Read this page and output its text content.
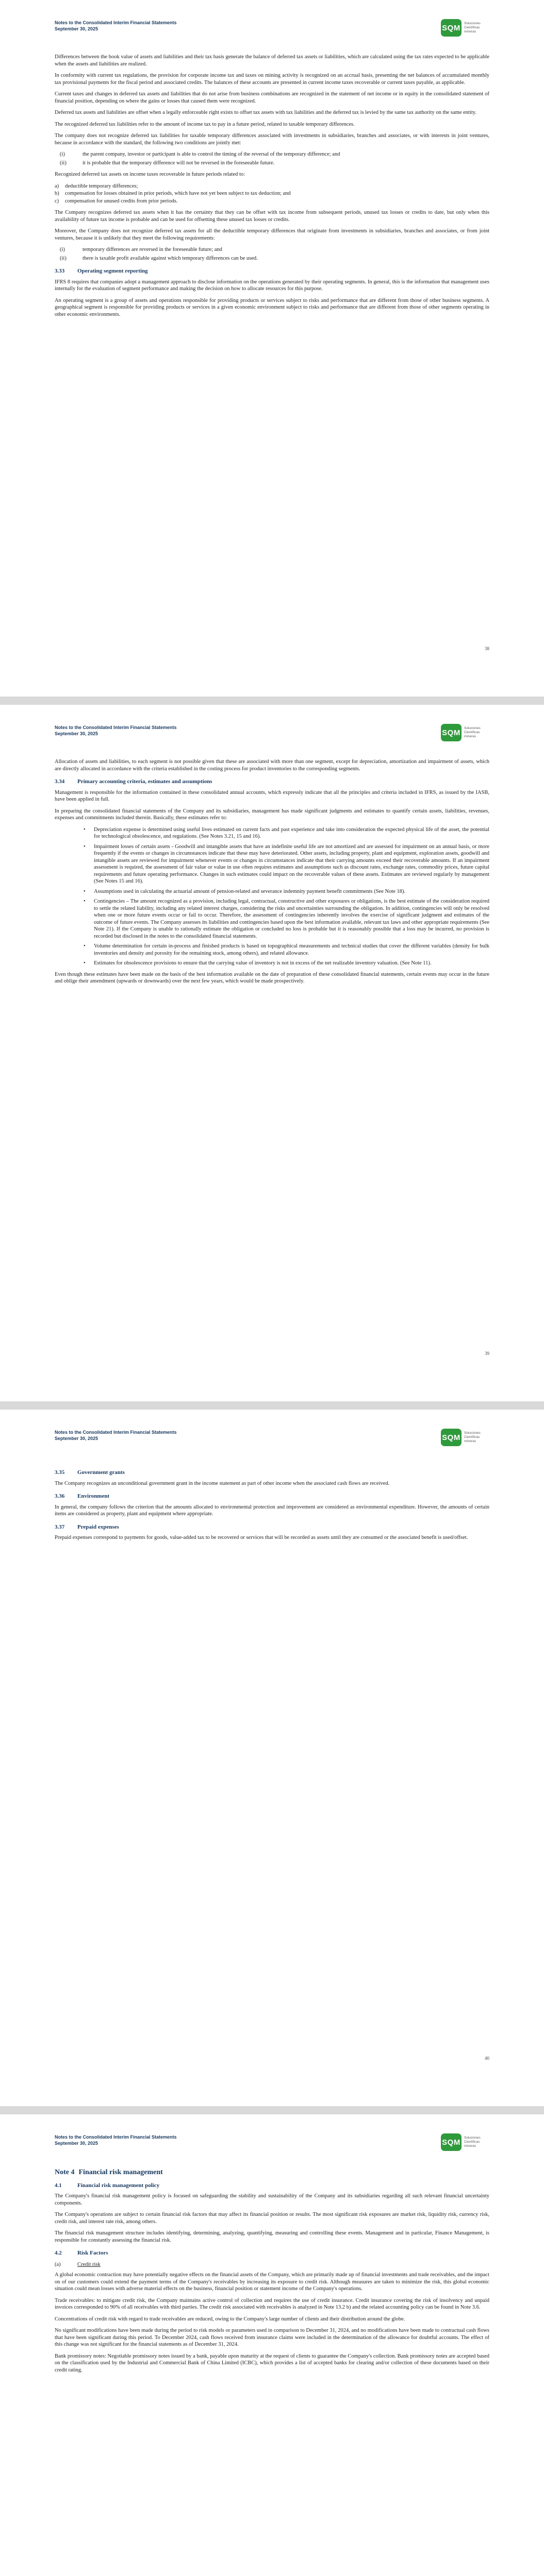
Notes to the Consolidated Interim Financial Statements
September 30, 2025	SQM	Soluciones
Científicas
mineras

Differences between the book value of assets and liabilities and their tax basis generate the balance of deferred tax assets or liabilities, which are calculated using the tax rates expected to be applicable when the assets and liabilities are realized.

In conformity with current tax regulations, the provision for corporate income tax and taxes on mining activity is recognized on an accrual basis, presenting the net balances of accumulated monthly tax provisional payments for the fiscal period and associated credits. The balances of these accounts are presented in current income taxes recoverable or current taxes payable, as applicable.

Current taxes and changes in deferred tax assets and liabilities that do not arise from business combinations are recognized in the statement of net income or in equity in the consolidated statement of financial position, depending on where the gains or losses that caused them were recognized.

Deferred tax assets and liabilities are offset when a legally enforceable right exists to offset tax assets with tax liabilities and the deferred tax is levied by the same tax authority on the same entity.

The recognized deferred tax liabilities refer to the amount of income tax to pay in a future period, related to taxable temporary differences.

The company does not recognize deferred tax liabilities for taxable temporary differences associated with investments in subsidiaries, branches and associates, or with interests in joint ventures, because in accordance with the standard, the following two conditions are jointly met:

(i)	the parent company, investor or participant is able to control the timing of the reversal of the temporary difference; and
(ii)	it is probable that the temporary difference will not be reversed in the foreseeable future.

Recognized deferred tax assets on income taxes recoverable in future periods related to:

a)	deductible temporary differences;
b)	compensation for losses obtained in prior periods, which have not yet been subject to tax deduction; and
c)	compensation for unused credits from prior periods.

The Company recognizes deferred tax assets when it has the certainty that they can be offset with tax income from subsequent periods, unused tax losses or credits to date, but only when this availability of future tax income is probable and can be used for offsetting these unused tax losses or credits.

Moreover, the Company does not recognize deferred tax assets for all the deductible temporary differences that originate from investments in subsidiaries, branches and associates, or from joint ventures, because it is unlikely that they meet the following requirements:

(i)	temporary differences are reversed in the foreseeable future; and
(ii)	there is taxable profit available against which temporary differences can be used.
3.33 Operating segment reporting

IFRS 8 requires that companies adopt a management approach to disclose information on the operations generated by their operating segments. In general, this is the information that management uses internally for the evaluation of segment performance and making the decision on how to allocate resources for this purpose.

An operating segment is a group of assets and operations responsible for providing products or services subject to risks and performance that are different from those of other business segments. A geographical segment is responsible for providing products or services in a given economic environment subject to risks and performance that are different from those of other segments operating in other economic environments.

38
Notes to the Consolidated Interim Financial Statements
September 30, 2025	SQM	Soluciones
Científicas
mineras

Allocation of assets and liabilities, to each segment is not possible given that these are associated with more than one segment, except for depreciation, amortization and impairment of assets, which are directly allocated in accordance with the criteria established in the costing process for product inventories to the corresponding segments.

3.34 Primary accounting criteria, estimates and assumptions

Management is responsible for the information contained in these consolidated annual accounts, which expressly indicate that all the principles and criteria included in IFRS, as issued by the IASB, have been applied in full.

In preparing the consolidated financial statements of the Company and its subsidiaries, management has made significant judgments and estimates to quantify certain assets, liabilities, revenues, expenses and commitments included therein. Basically, these estimates refer to:

• Depreciation expense is determined using useful lives estimated on current facts and past experience and take into consideration the expected physical life of the asset, the potential for technological obsolescence, and regulations. (See Notes 3.21, 15 and 16).
• Impairment losses of certain assets - Goodwill and intangible assets that have an indefinite useful life are not amortized and are assessed for impairment on an annual basis, or more frequently if the events or changes in circumstances indicate that these may have deteriorated. Other assets, including property, plant and equipment, exploration assets, goodwill and intangible assets are reviewed for impairment whenever events or changes in circumstances indicate that their carrying amounts exceed their recoverable amounts. If an impairment assessment is required, the assessment of fair value or value in use often requires estimates and assumptions such as discount rates, exchange rates, commodity prices, future capital requirements and future operating performance. Changes in such estimates could impact on the recoverable values of these assets. Estimates are reviewed regularly by management (See Notes 15 and 16).
• Assumptions used in calculating the actuarial amount of pension-related and severance indemnity payment benefit commitments (See Note 18).
• Contingencies – The amount recognized as a provision, including legal, contractual, constructive and other exposures or obligations, is the best estimate of the consideration required to settle the related liability, including any related interest charges, considering the risks and uncertainties surrounding the obligation. In addition, contingencies will only be resolved when one or more future events occur or fail to occur. Therefore, the assessment of contingencies inherently involves the exercise of significant judgment and estimates of the outcome of future events. The Company assesses its liabilities and contingencies based upon the best information available, relevant tax laws and other appropriate requirements (See Note 21). If the Company is unable to rationally estimate the obligation or concluded no loss is probable but it is reasonably possible that a loss may be incurred, no provision is recorded but disclosed in the notes to the consolidated financial statements.
• Volume determination for certain in-process and finished products is based on topographical measurements and technical studies that cover the different variables (density for bulk inventories and density and porosity for the remaining stock, among others), and related allowance.
• Estimates for obsolescence provisions to ensure that the carrying value of inventory is not in excess of the net realizable inventory valuation. (See Note 11).

Even though these estimates have been made on the basis of the best information available on the date of preparation of these consolidated financial statements, certain events may occur in the future and oblige their amendment (upwards or downwards) over the next few years, which would be made prospectively.

39
Notes to the Consolidated Interim Financial Statements
September 30, 2025	SQM	Soluciones
Científicas
mineras
3.35 Government grants

The Company recognizes an unconditional government grant in the income statement as part of other income when the associated cash flows are received.

3.36 Environment

In general, the company follows the criterion that the amounts allocated to environmental protection and improvement are considered as environmental expenditure. However, the amounts of certain items are considered as property, plant and equipment where appropriate.

3.37 Prepaid expenses

Prepaid expenses correspond to payments for goods, value-added tax to be recovered or services that will be recorded as assets until they are consumed or the associated benefit is used/offset.

40
Notes to the Consolidated Interim Financial Statements
September 30, 2025	SQM	Soluciones
Científicas
mineras
Note 4 Financial risk management
4.1	Financial risk management policy

The Company's financial risk management policy is focused on safeguarding the stability and sustainability of the Company and its subsidiaries regarding all such relevant financial uncertainty components.

The Company's operations are subject to certain financial risk factors that may affect its financial position or results. The most significant risk exposures are market risk, liquidity risk, currency risk, credit risk, and interest rate risk, among others.

The financial risk management structure includes identifying, determining, analyzing, quantifying, measuring and controlling these events. Management and in particular, Finance Management, is responsible for constantly assessing the financial risk.

4.2	Risk Factors
(a)	Credit risk

A global economic contraction may have potentially negative effects on the financial assets of the Company, which are primarily made up of financial investments and trade receivables, and the impact on of our customers could extend the payment terms of the Company's receivables by increasing its exposure to credit risk. Although measures are taken to minimize the risk, this global economic situation could mean losses with adverse material effects on the business, financial position or statement income of the Company's operations.

Trade receivables: to mitigate credit risk, the Company maintains active control of collection and requires the use of credit insurance. Credit insurance covering the risk of insolvency and unpaid invoices corresponded to 90% of all receivables with third parties. The credit risk associated with receivables is analyzed in Note 13.2 b) and the related accounting policy can be found in Note 3.6.

Concentrations of credit risk with regard to trade receivables are reduced, owing to the Company's large number of clients and their distribution around the globe.

No significant modifications have been made during the period to risk models or parameters used in comparison to December 31, 2024, and no modifications have been made to contractual cash flows that have been significant during this period. To December 2024, cash flows received from insurance claims were included in the determination of the allowance for doubtful accounts. The effect of this change was not significant for the financial statements as of December 31, 2024.

Bank promissory notes: Negotiable promissory notes issued by a bank, payable upon maturity at the request of clients to guarantee the Company's collection. Bank promissory notes are accepted based on the classification used by the Industrial and Commercial Bank of China Limited (ICBC), which provides a list of accepted banks for clearing and/or collection of these documents based on their credit rating.
